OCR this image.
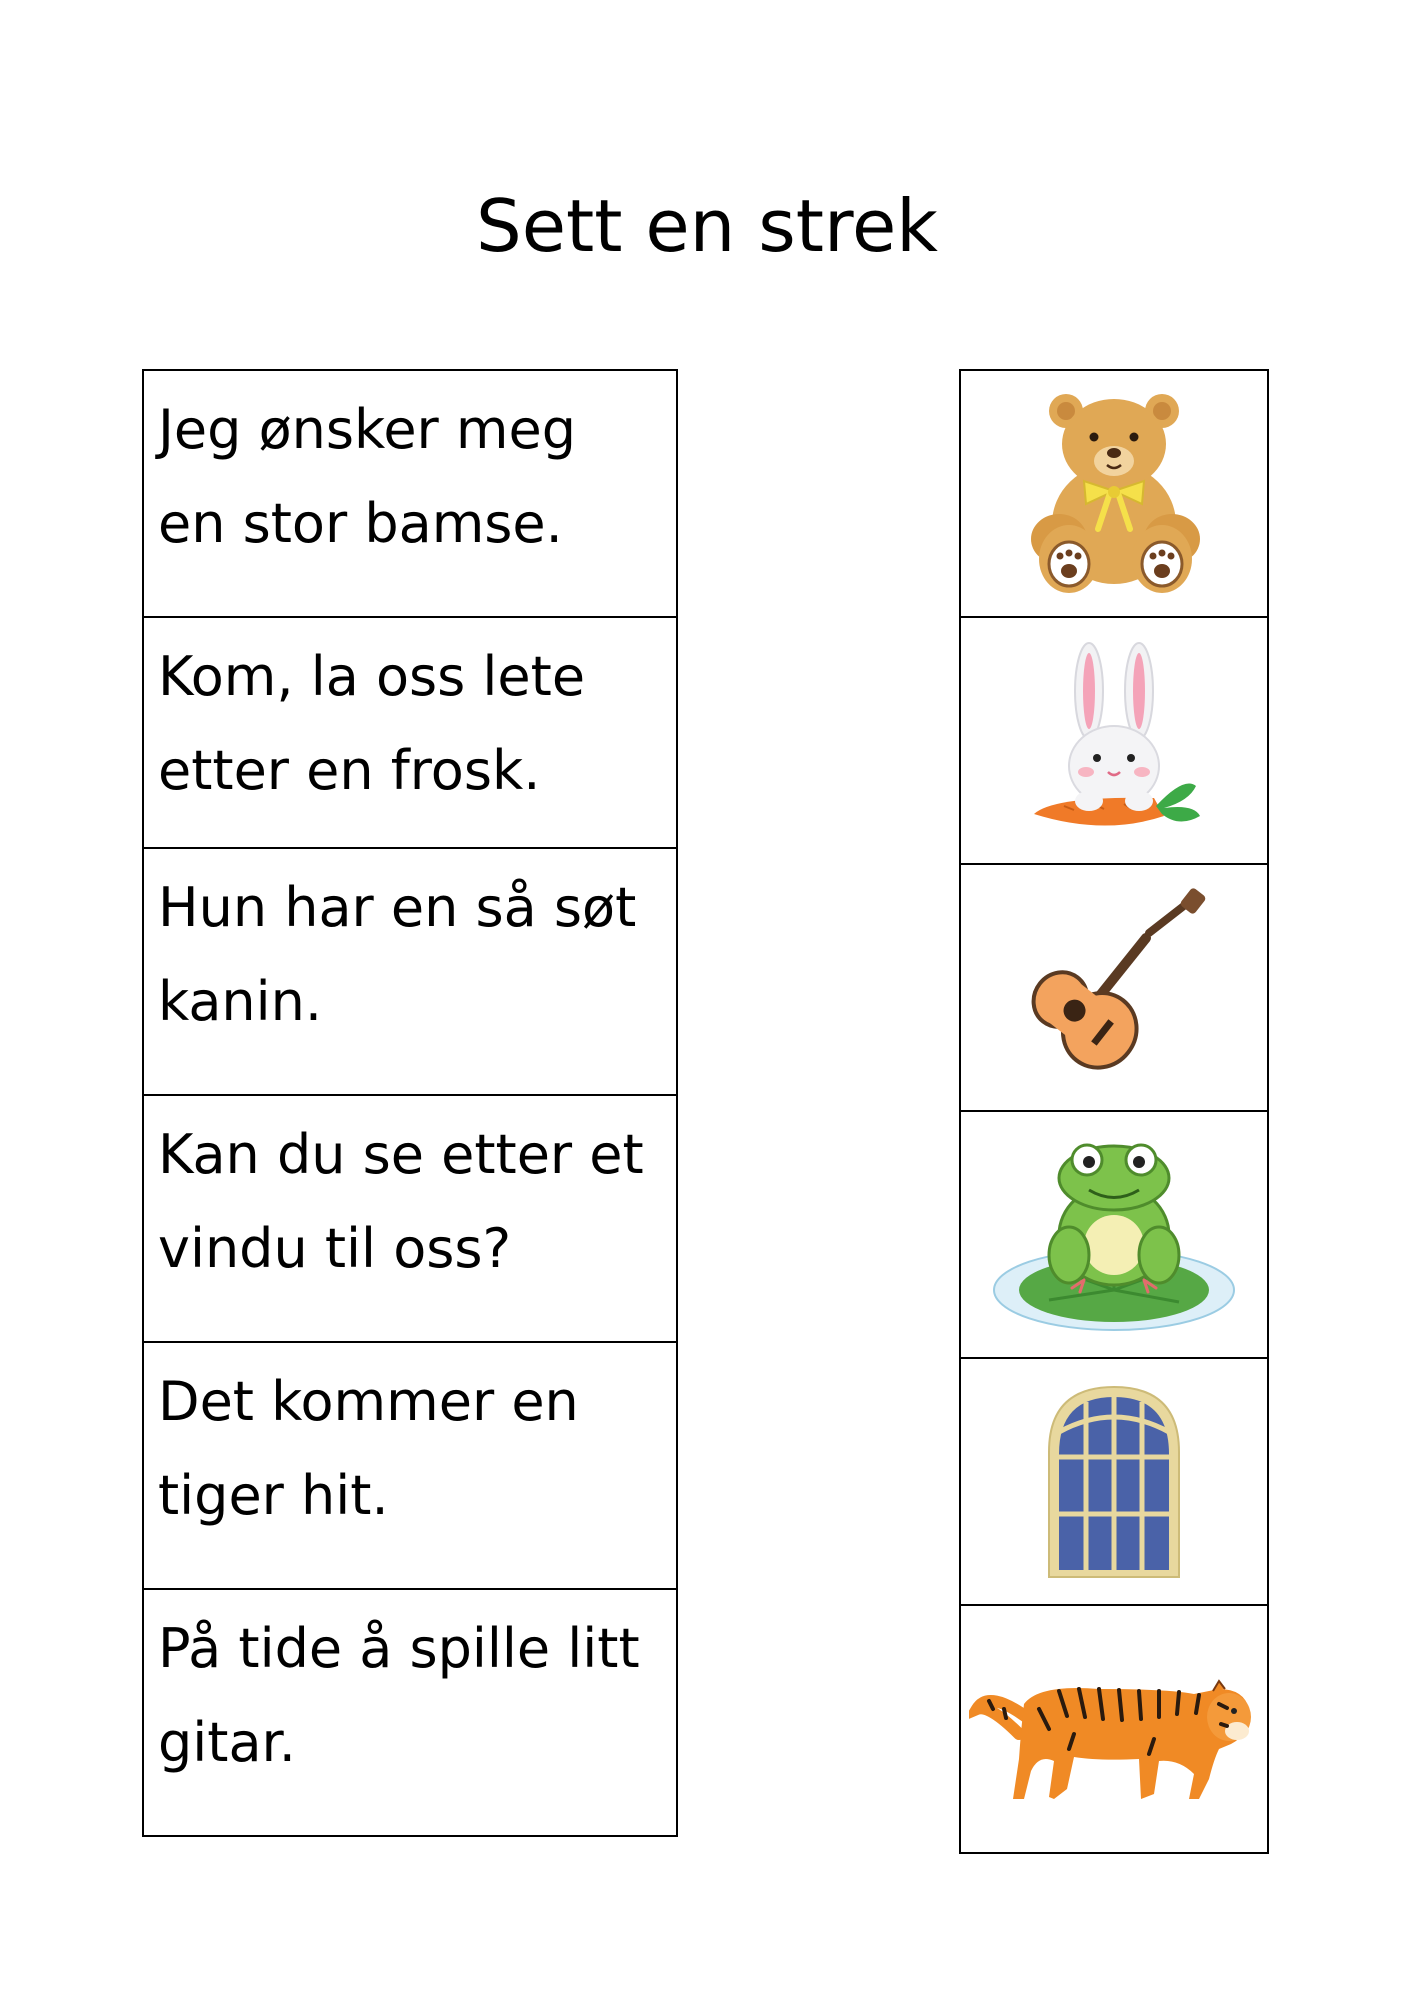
Sett en strek
Jeg ønsker meg
en stor bamse.
Kom, la oss lete
etter en frosk.
Hun har en så søt
kanin.
Kan du se etter et
vindu til oss?
Det kommer en
tiger hit.
På tide å spille litt
gitar.
